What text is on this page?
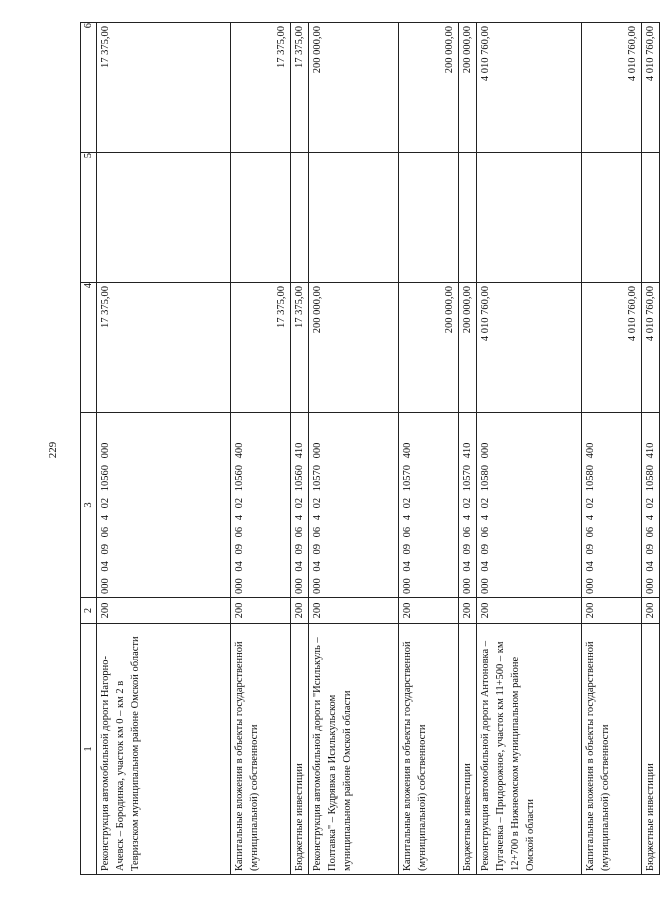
229
1	2	3	4	5	6
Реконструкция автомобильной дороги Нагорно-Ачевск – Бородинка, участок км 0 – км 2 в Тевризском муниципальном районе Омской области	200	000 04 09 06 4 02 10560 000	17 375,00		17 375,00
Капитальные вложения в объекты государственной (муниципальной) собственности	200	000 04 09 06 4 02 10560 400	17 375,00		17 375,00
Бюджетные инвестиции	200	000 04 09 06 4 02 10560 410	17 375,00		17 375,00
Реконструкция автомобильной дороги "Исилькуль – Полтавка" – Кудрявка в Исилькульском муниципальном районе Омской области	200	000 04 09 06 4 02 10570 000	200 000,00		200 000,00
Капитальные вложения в объекты государственной (муниципальной) собственности	200	000 04 09 06 4 02 10570 400	200 000,00		200 000,00
Бюджетные инвестиции	200	000 04 09 06 4 02 10570 410	200 000,00		200 000,00
Реконструкция автомобильной дороги Антоновка – Пугачевка – Придорожное, участок км 11+500 – км 12+700 в Нижнеомском муниципальном районе Омской области	200	000 04 09 06 4 02 10580 000	4 010 760,00		4 010 760,00
Капитальные вложения в объекты государственной (муниципальной) собственности	200	000 04 09 06 4 02 10580 400	4 010 760,00		4 010 760,00
Бюджетные инвестиции	200	000 04 09 06 4 02 10580 410	4 010 760,00		4 010 760,00
